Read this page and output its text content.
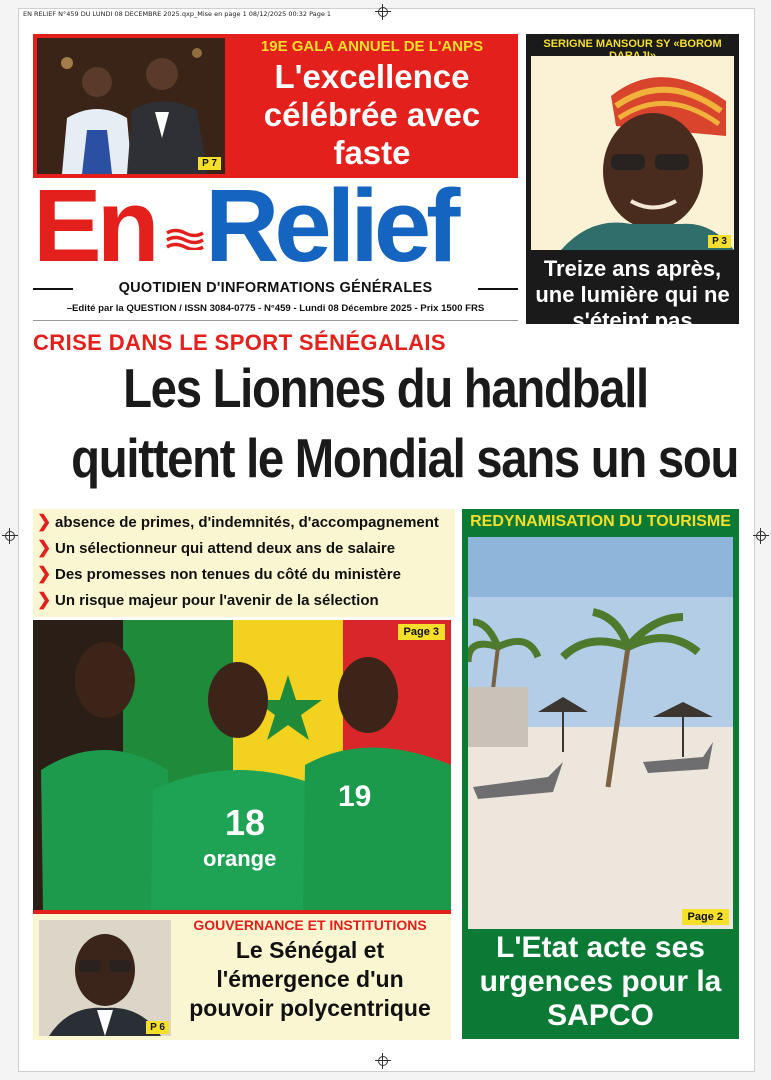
EN RELIEF N°459 DU LUNDI 08 DECEMBRE 2025.qxp_Mise en page 1 08/12/2025 00:32 Page 1
P 7
19E GALA ANNUEL DE L'ANPS
L'excellence célébrée avec faste
SERIGNE MANSOUR SY «BOROM
P 3
Treize ans après, une lumière qui ne s'éteint pas
En Relief
QUOTIDIEN D'INFORMATIONS GÉNÉRALES
–Edité par la QUESTION / ISSN 3084-0775 - N°459 - Lundi 08 Décembre 2025 - Prix 1500 FRS
CRISE DANS LE SPORT SÉNÉGALAIS
Les Lionnes du handball
quittent le Mondial sans un sou
❯ absence de primes, d'indemnités, d'accompagnement
❯ Un sélectionneur qui attend deux ans de salaire
❯ Des promesses non tenues du côté du ministère
❯ Un risque majeur pour l'avenir de la sélection
18
orange
19
Page 3
P 6
GOUVERNANCE ET INSTITUTIONS
Le Sénégal et l'émergence d'un pouvoir polycentrique
REDYNAMISATION DU TOURISME
Page 2
L'Etat acte ses urgences pour la SAPCO
